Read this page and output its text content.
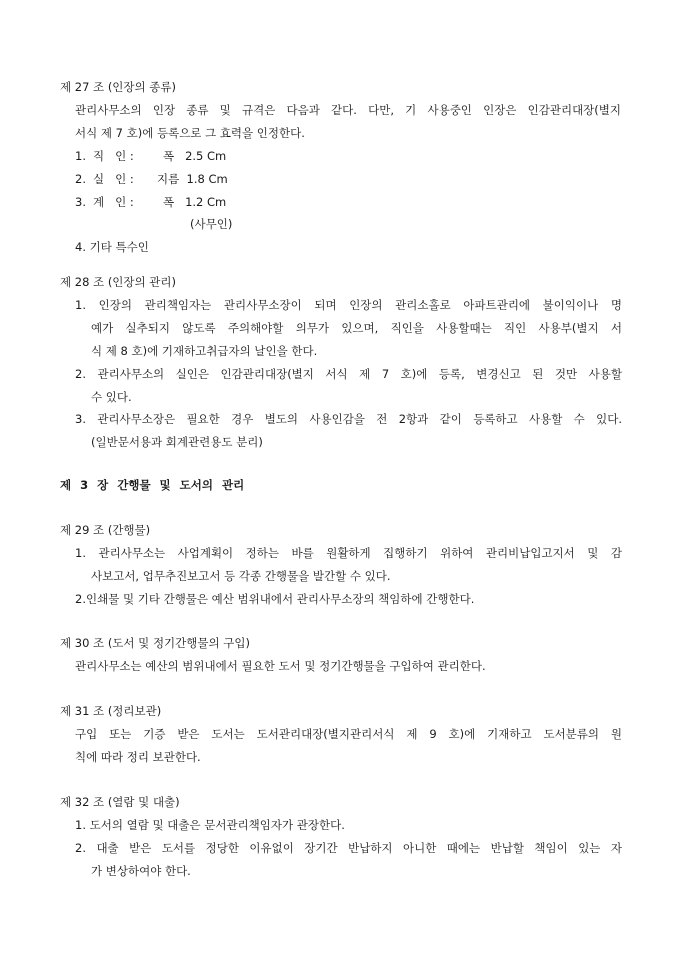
제 27 조 (인장의 종류)
관리사무소의 인장 종류 및 규격은 다음과 같다. 다만, 기 사용중인 인장은 인감관리대장(별지
서식 제 7 호)에 등록으로 그 효력을 인정한다.
1. 직   인 :	폭   2.5 Cm
2. 실   인 : 지름  1.8 Cm
3. 계   인 :	폭   1.2 Cm
(사무인)
4. 기타 특수인
제 28 조 (인장의 관리)
1. 인장의 관리책임자는 관리사무소장이 되며 인장의 관리소홀로 아파트관리에 불이익이나 명
예가 실추되지 않도록 주의해야할 의무가 있으며, 직인을 사용할때는 직인 사용부(별지 서
식 제 8 호)에 기재하고취급자의 날인을 한다.
2. 관리사무소의 실인은 인감관리대장(별지 서식 제 7 호)에 등록, 변경신고 된 것만 사용할
수 있다.
3. 관리사무소장은 필요한 경우 별도의 사용인감을 전 2항과 같이 등록하고 사용할 수 있다.
(일반문서용과 회계관련용도 분리)
제 3 장 간행물 및 도서의 관리
제 29 조 (간행물)
1. 관리사무소는 사업계획이 정하는 바를 원활하게 집행하기 위하여 관리비납입고지서 및 감
사보고서, 업무추진보고서 등 각종 간행물을 발간할 수 있다.
2.인쇄물 및 기타 간행물은 예산 범위내에서 관리사무소장의 책임하에 간행한다.
제 30 조 (도서 및 정기간행물의 구입)
관리사무소는 예산의 범위내에서 필요한 도서 및 정기간행물을 구입하여 관리한다.
제 31 조 (정리보관)
구입 또는 기증 받은 도서는 도서관리대장(별지관리서식 제 9 호)에 기재하고 도서분류의 원
칙에 따라 정리 보관한다.
제 32 조 (열람 및 대출)
1. 도서의 열람 및 대출은 문서관리책임자가 관장한다.
2. 대출 받은 도서를 정당한 이유없이 장기간 반납하지 아니한 때에는 반납할 책임이 있는 자
가 변상하여야 한다.
